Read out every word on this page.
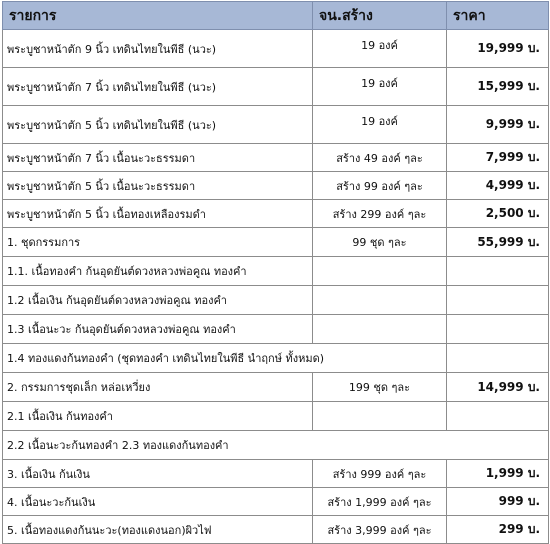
รายการ	จน.สร้าง	ราคา
พระบูชาหน้าตัก 9 นิ้ว เทดินไทยในพีธี (นวะ)	19 องค์	19,999 บ.
พระบูชาหน้าตัก 7 นิ้ว เทดินไทยในพีธี (นวะ)	19 องค์	15,999 บ.
พระบูชาหน้าตัก 5 นิ้ว เทดินไทยในพีธี (นวะ)	19 องค์	9,999 บ.
พระบูชาหน้าตัก 7 นิ้ว เนื้อนะวะธรรมดา	สร้าง 49 องค์ ๆละ	7,999 บ.
พระบูชาหน้าตัก 5 นิ้ว เนื้อนะวะธรรมดา	สร้าง 99 องค์ ๆละ	4,999 บ.
พระบูชาหน้าตัก 5 นิ้ว เนื้อทองเหลืองรมดำ	สร้าง 299 องค์ ๆละ	2,500 บ.
1. ชุดกรรมการ	99 ชุด ๆละ	55,999 บ.
1.1. เนื้อทองคำ ก้นอุดยันต์ดวงหลวงพ่อคูณ ทองคำ		
1.2 เนื้อเงิน ก้นอุดยันต์ดวงหลวงพ่อคูณ ทองคำ		
1.3 เนื้อนะวะ ก้นอุดยันต์ดวงหลวงพ่อคูณ ทองคำ		
1.4 ทองแดงก้นทองคำ (ชุดทองคำ เทดินไทยในพีธี นำฤกษ์ ทั้งหมด)		
2. กรรมการชุดเล็ก หล่อเหวี่ยง	199 ชุด ๆละ	14,999 บ.
2.1 เนื้อเงิน ก้นทองคำ		
2.2 เนื้อนะวะก้นทองคำ 2.3 ทองแดงก้นทองคำ		
3. เนื้อเงิน ก้นเงิน	สร้าง 999 องค์ ๆละ	1,999 บ.
4. เนื้อนะวะก้นเงิน	สร้าง 1,999 องค์ ๆละ	999 บ.
5. เนื้อทองแดงก้นนะวะ(ทองแดงนอก)ผิวไฟ	สร้าง 3,999 องค์ ๆละ	299 บ.
